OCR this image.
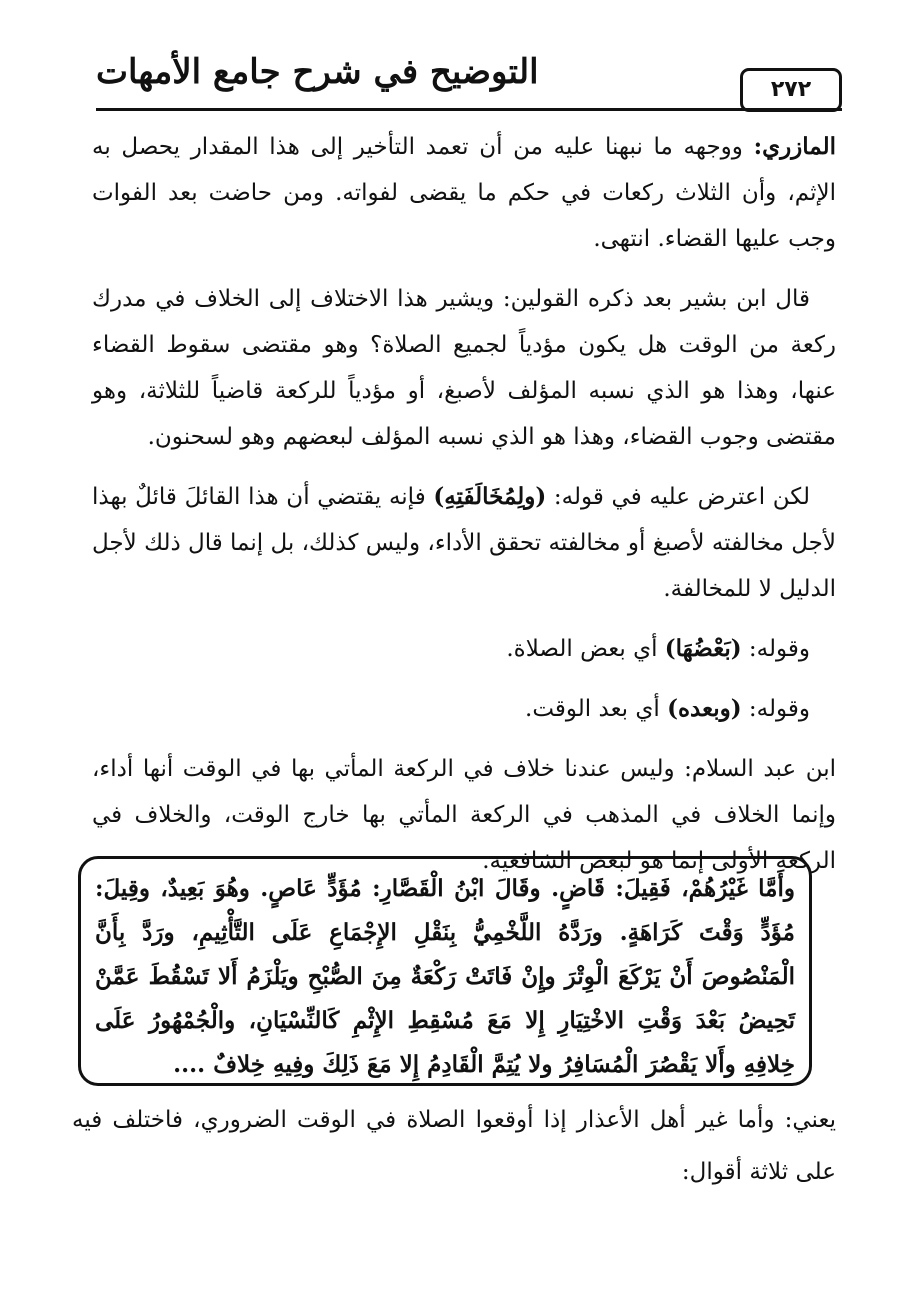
التوضيح في شرح جامع الأمهات	٢٧٢

المازري: ووجهه ما نبهنا عليه من أن تعمد التأخير إلى هذا المقدار يحصل به الإثم، وأن الثلاث ركعات في حكم ما يقضى لفواته. ومن حاضت بعد الفوات وجب عليها القضاء. انتهى.

قال ابن بشير بعد ذكره القولين: ويشير هذا الاختلاف إلى الخلاف في مدرك ركعة من الوقت هل يكون مؤدياً لجميع الصلاة؟ وهو مقتضى سقوط القضاء عنها، وهذا هو الذي نسبه المؤلف لأصبغ، أو مؤدياً للركعة قاضياً للثلاثة، وهو مقتضى وجوب القضاء، وهذا هو الذي نسبه المؤلف لبعضهم وهو لسحنون.

لكن اعترض عليه في قوله: (ولِمُخَالَفَتِهِ) فإنه يقتضي أن هذا القائلَ قائلٌ بهذا لأجل مخالفته لأصبغ أو مخالفته تحقق الأداء، وليس كذلك، بل إنما قال ذلك لأجل الدليل لا للمخالفة.

وقوله: (بَعْضُهَا) أي بعض الصلاة.

وقوله: (وبعده) أي بعد الوقت.

ابن عبد السلام: وليس عندنا خلاف في الركعة المأتي بها في الوقت أنها أداء، وإنما الخلاف في المذهب في الركعة المأتي بها خارج الوقت، والخلاف في الركعة الأولى إنما هو لبعض الشافعية.

وأَمَّا غَيْرُهُمْ، فَقِيلَ: قَاضٍ. وقَالَ ابْنُ الْقَصَّارِ: مُؤَدٍّ عَاصٍ. وهُوَ بَعِيدٌ، وقِيلَ: مُؤَدٍّ وَقْتَ كَرَاهَةٍ. ورَدَّهُ اللَّخْمِيُّ بِنَقْلِ الإِجْمَاعِ عَلَى التَّأْثِيمِ، ورَدَّ بِأَنَّ الْمَنْصُوصَ أَنْ يَرْكَعَ الْوِتْرَ وإِنْ فَاتَتْ رَكْعَةٌ مِنَ الصُّبْحِ ويَلْزَمُ أَلا تَسْقُطَ عَمَّنْ تَحِيضُ بَعْدَ وَقْتِ الاخْتِيَارِ إِلا مَعَ مُسْقِطِ الإِثْمِ كَالنِّسْيَانِ، والْجُمْهُورُ عَلَى خِلافِهِ وأَلا يَقْصُرَ الْمُسَافِرُ ولا يُتِمَّ الْقَادِمُ إِلا مَعَ ذَلِكَ وفِيهِ خِلافٌ ....

يعني: وأما غير أهل الأعذار إذا أوقعوا الصلاة في الوقت الضروري، فاختلف فيه على ثلاثة أقوال:
